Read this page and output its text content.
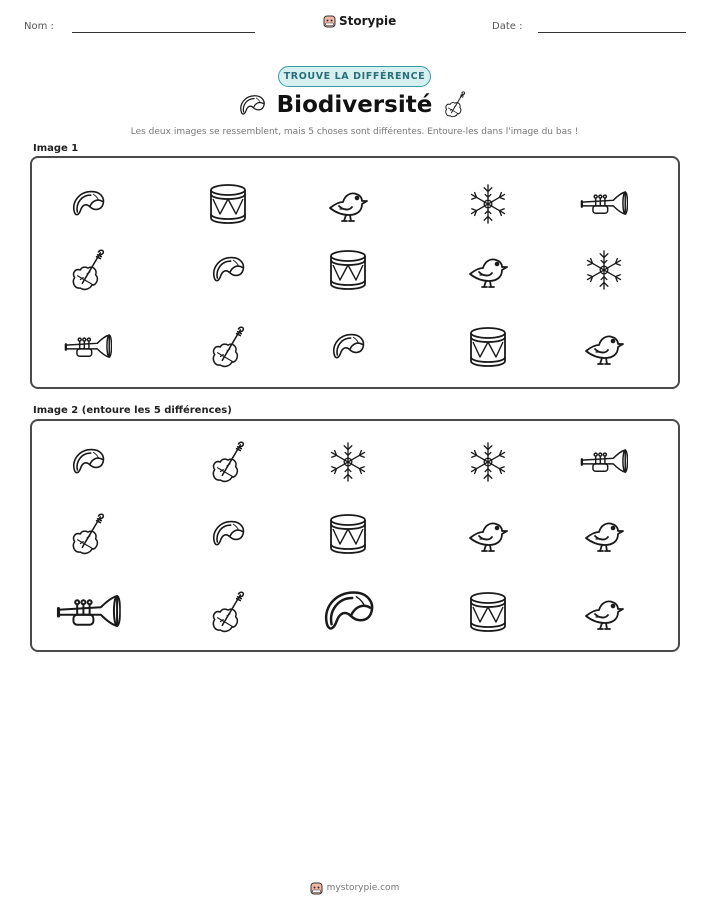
Nom :	Storypie	Date :
TROUVE LA DIFFÉRENCE
Biodiversité
Les deux images se ressemblent, mais 5 choses sont différentes. Entoure-les dans l'image du bas !
Image 1
Image 2 (entoure les 5 différences)
mystorypie.com
